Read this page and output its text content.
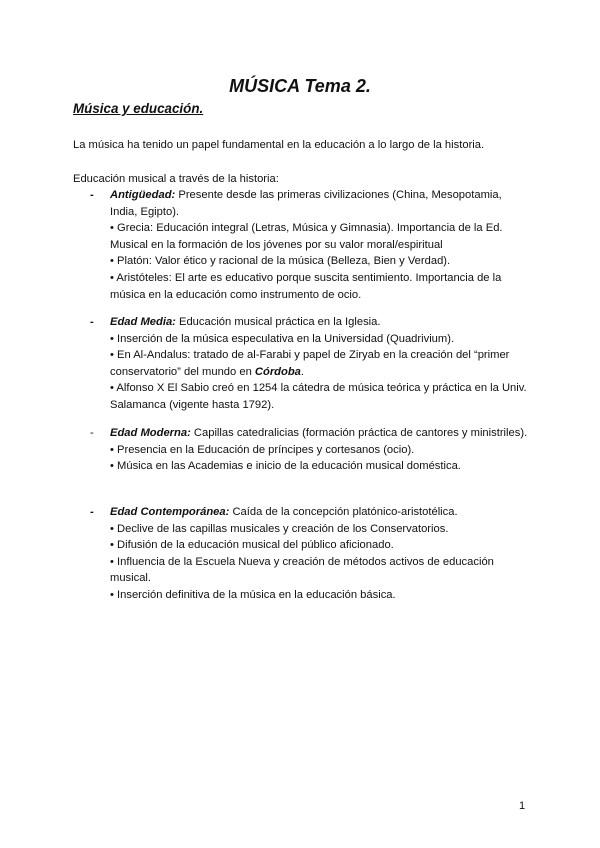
MÚSICA Tema 2.
Música y educación.
La música ha tenido un papel fundamental en la educación a lo largo de la historia.
Educación musical a través de la historia:
-	Antigüedad: Presente desde las primeras civilizaciones (China, Mesopotamia, India, Egipto).
• Grecia: Educación integral (Letras, Música y Gimnasia). Importancia de la Ed. Musical en la formación de los jóvenes por su valor moral/espiritual
• Platón: Valor ético y racional de la música (Belleza, Bien y Verdad).
• Aristóteles: El arte es educativo porque suscita sentimiento. Importancia de la música en la educación como instrumento de ocio.
-	Edad Media: Educación musical práctica en la Iglesia.
• Inserción de la música especulativa en la Universidad (Quadrivium).
• En Al-Andalus: tratado de al-Farabi y papel de Ziryab en la creación del “primer conservatorio” del mundo en Córdoba.
• Alfonso X El Sabio creó en 1254 la cátedra de música teórica y práctica en la Univ. Salamanca (vigente hasta 1792).
-	Edad Moderna: Capillas catedralicias (formación práctica de cantores y ministriles).
• Presencia en la Educación de príncipes y cortesanos (ocio).
• Música en las Academias e inicio de la educación musical doméstica.
-	Edad Contemporánea: Caída de la concepción platónico-aristotélica.
• Declive de las capillas musicales y creación de los Conservatorios.
• Difusión de la educación musical del público aficionado.
• Influencia de la Escuela Nueva y creación de métodos activos de educación musical.
• Inserción definitiva de la música en la educación básica.
1
